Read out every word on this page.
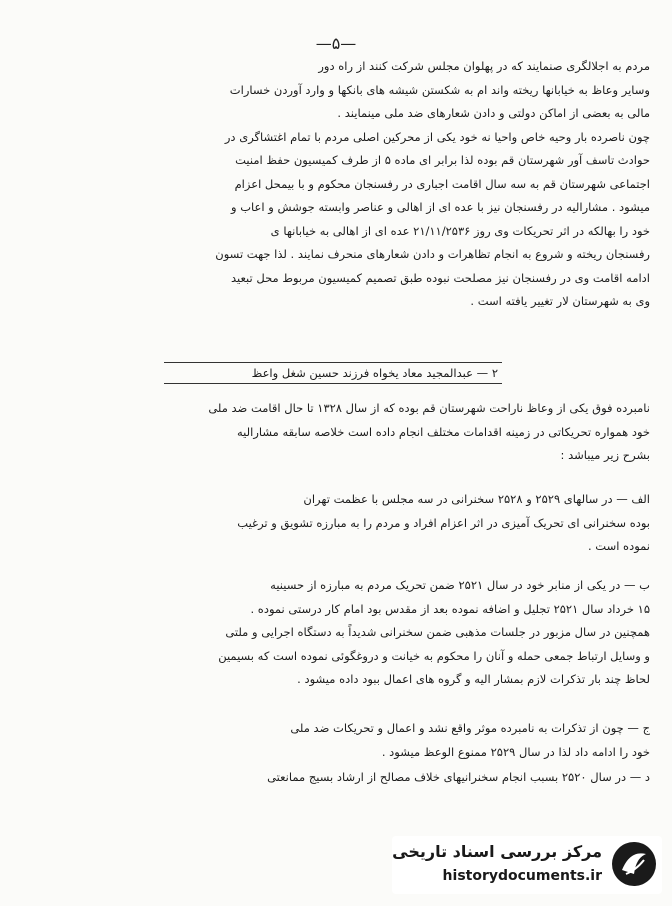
—۵—
مردم به اجلالگری صنمایند که در پهلوان مجلس شرکت کنند از راه دور
وسایر وعاظ به خیابانها ریخته واند ام به شکستن شیشه های بانکها و وارد آوردن خسارات
مالی به بعضی از اماکن دولتی و دادن شعارهای ضد ملی مینمایند .
چون ناصرده بار وحیه خاص واحیا نه خود یکی از محرکین اصلی مردم با تمام اغتشاگری در
حوادث تاسف آور شهرستان قم بوده لذا برابر ای ماده ۵ از طرف کمیسیون حفظ امنیت
اجتماعی شهرستان قم به سه سال اقامت اجباری در رفسنجان محکوم و با بیمحل اعزام
میشود . مشارالیه در رفسنجان نیز با عده ای از اهالی و عناصر وابسته جوشش و اعاب و
خود را بهالکه در اثر تحریکات وی روز ۲۱/۱۱/۲۵۳۶ عده ای از اهالی به خیابانها ی
رفسنجان ریخته و شروع به انجام تظاهرات و دادن شعارهای منحرف نمایند . لذا جهت تسون
ادامه اقامت وی در رفسنجان نیز مصلحت نبوده طبق تصمیم کمیسیون مربوط محل تبعید
وی به شهرستان لار تغییر یافته است .
۲ — عبدالمجید معاد یخواه فرزند حسین شغل واعظ
نامبرده فوق یکی از وعاظ ناراحت شهرستان قم بوده که از سال ۱۳۲۸ تا حال اقامت ضد ملی
خود همواره تحریکاتی در زمینه اقدامات مختلف انجام داده است خلاصه سابقه مشارالیه
بشرح زیر میباشد :
الف — در سالهای ۲۵۲۹ و ۲۵۲۸ سخنرانی در سه مجلس با عظمت تهران
بوده سخنرانی ای تحریک آمیزی در اثر اعزام افراد و مردم را به مبارزه تشویق و ترغیب
نموده است .
ب — در یکی از منابر خود در سال ۲۵۲۱ ضمن تحریک مردم به مبارزه از حسینیه
۱۵ خرداد سال ۲۵۲۱ تجلیل و اضافه نموده بعد از مقدس بود امام کار درستی نموده .
همچنین در سال مزبور در جلسات مذهبی ضمن سخنرانی شدیداً به دستگاه اجرایی و ملتی
و وسایل ارتباط جمعی حمله و آنان را محکوم به خیانت و دروغگوئی نموده است که بسیمین
لحاظ چند بار تذکرات لازم بمشار الیه و گروه های اعمال ببود داده میشود .
ج — چون از تذکرات به نامبرده موثر واقع نشد و اعمال و تحریکات ضد ملی
خود را ادامه داد لذا در سال ۲۵۲۹ ممنوع الوعظ میشود .
د — در سال ۲۵۲۰ بسبب انجام سخنرانیهای خلاف مصالح از ارشاد بسیج ممانعتی
مرکز بررسی اسناد تاریخی
historydocuments.ir
